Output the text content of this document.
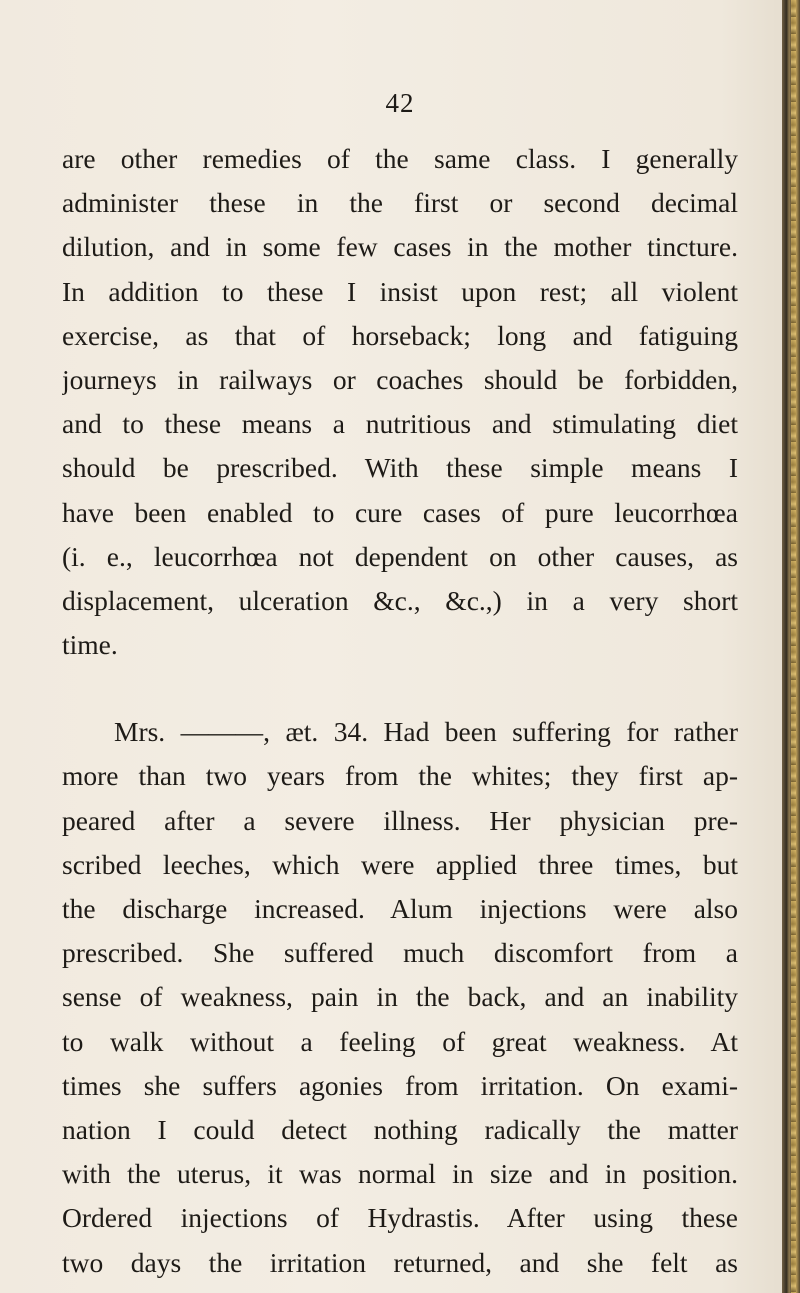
42
are other remedies of the same class. I generally
administer these in the first or second decimal
dilution, and in some few cases in the mother tincture.
In addition to these I insist upon rest; all violent
exercise, as that of horseback; long and fatiguing
journeys in railways or coaches should be forbidden,
and to these means a nutritious and stimulating diet
should be prescribed. With these simple means I
have been enabled to cure cases of pure leucorrhœa
(i. e., leucorrhœa not dependent on other causes, as
displacement, ulceration &c., &c.,) in a very short
time.
Mrs. ———, æt. 34. Had been suffering for rather
more than two years from the whites; they first ap-
peared after a severe illness. Her physician pre-
scribed leeches, which were applied three times, but
the discharge increased. Alum injections were also
prescribed. She suffered much discomfort from a
sense of weakness, pain in the back, and an inability
to walk without a feeling of great weakness. At
times she suffers agonies from irritation. On exami-
nation I could detect nothing radically the matter
with the uterus, it was normal in size and in position.
Ordered injections of Hydrastis. After using these
two days the irritation returned, and she felt as
